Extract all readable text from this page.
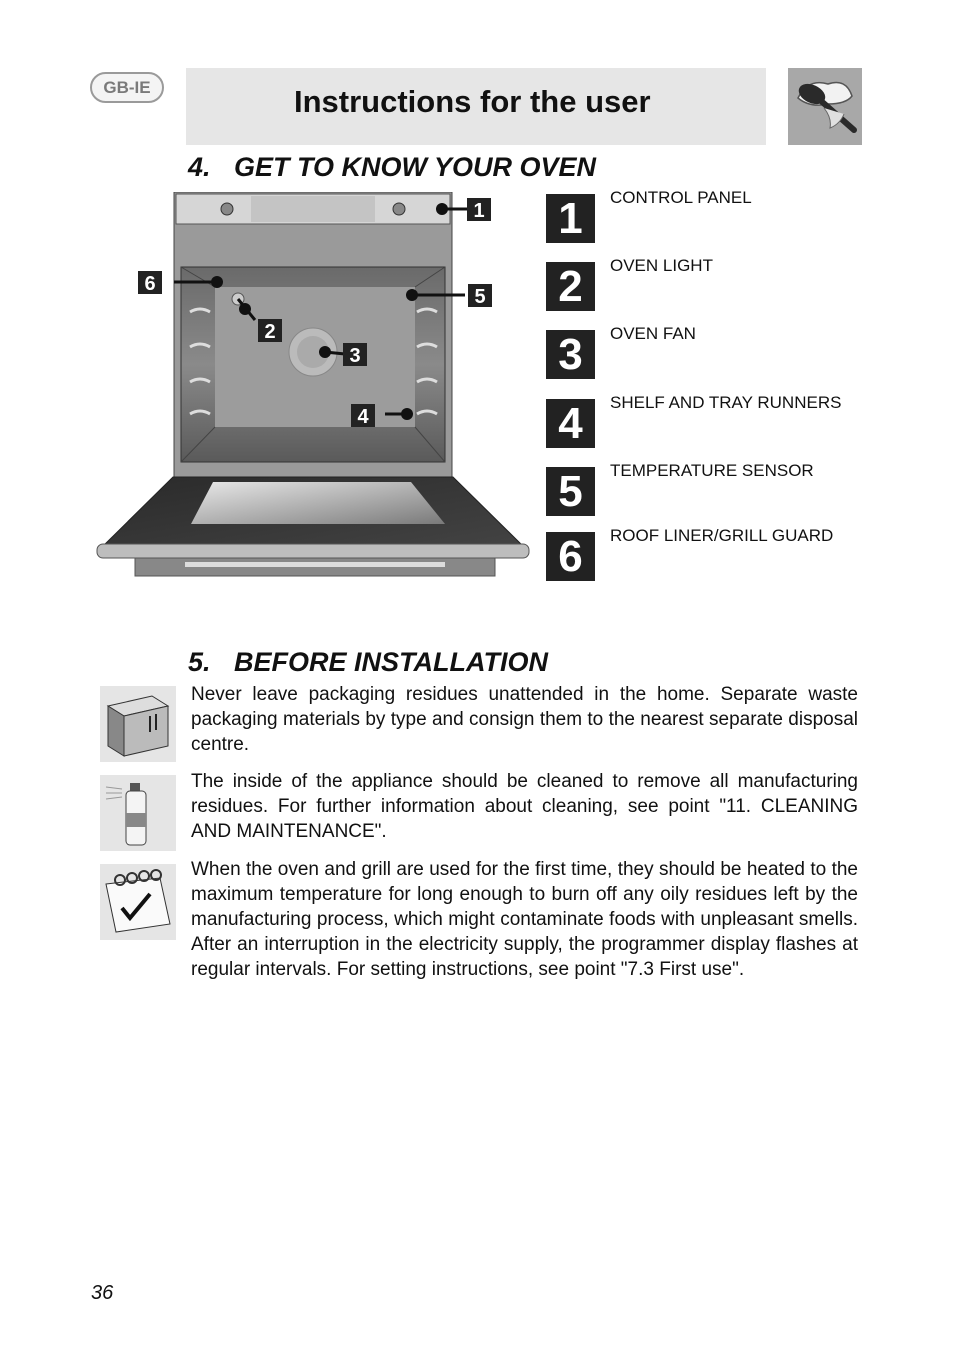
GB-IE	Instructions for the user
4. GET TO KNOW YOUR OVEN
1
6
2
3
5
4
1	CONTROL PANEL
2	OVEN LIGHT
3	OVEN FAN
4	SHELF AND TRAY RUNNERS
5	TEMPERATURE SENSOR
6	ROOF LINER/GRILL GUARD
5. BEFORE INSTALLATION
Never leave packaging residues unattended in the home. Separate waste packaging materials by type and consign them to the nearest separate disposal centre.
The inside of the appliance should be cleaned to remove all manufacturing residues. For further information about cleaning, see point "11. CLEANING AND MAINTENANCE".
When the oven and grill are used for the first time, they should be heated to the maximum temperature for long enough to burn off any oily residues left by the manufacturing process, which might contaminate foods with unpleasant smells. After an interruption in the electricity supply, the programmer display flashes at regular intervals. For setting instructions, see point "7.3 First use".
36
